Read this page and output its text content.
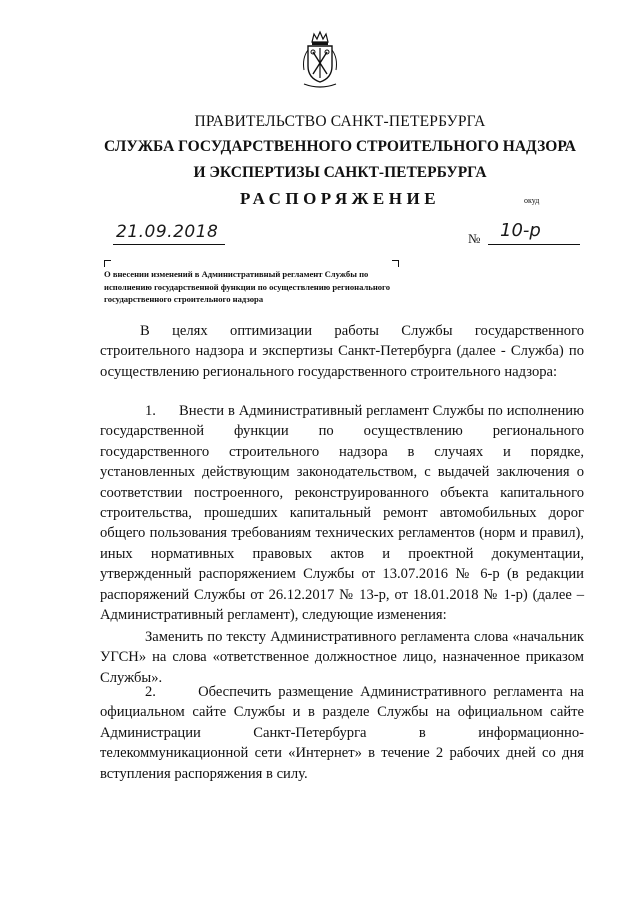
ПРАВИТЕЛЬСТВО САНКТ-ПЕТЕРБУРГА
СЛУЖБА ГОСУДАРСТВЕННОГО СТРОИТЕЛЬНОГО НАДЗОРА
И ЭКСПЕРТИЗЫ САНКТ-ПЕТЕРБУРГА
РАСПОРЯЖЕНИЕ	окуд
21.09.2018	№ 10-р
О внесении изменений в Административный регламент Службы по исполнению государственной функции по осуществлению регионального государственного строительного надзора
В целях оптимизации работы Службы государственного строительного надзора и экспертизы Санкт-Петербурга (далее - Служба) по осуществлению регионального государственного строительного надзора:
1.      Внести в Административный регламент Службы по исполнению государственной функции по осуществлению регионального государственного строительного надзора в случаях и порядке, установленных действующим законодательством, с выдачей заключения о соответствии построенного, реконструированного объекта капитального строительства, прошедших капитальный ремонт автомобильных дорог общего пользования требованиям технических регламентов (норм и правил), иных нормативных правовых актов и проектной документации, утвержденный распоряжением Службы от 13.07.2016 № 6-р (в редакции распоряжений Службы от 26.12.2017 № 13-р, от 18.01.2018 № 1-р) (далее – Административный регламент), следующие изменения:
Заменить по тексту Административного регламента слова «начальник УГСН» на слова «ответственное должностное лицо, назначенное приказом Службы».
2.      Обеспечить размещение Административного регламента на официальном сайте Службы и в разделе Службы на официальном сайте Администрации Санкт-Петербурга в информационно-телекоммуникационной сети «Интернет» в течение 2 рабочих дней со дня вступления распоряжения в силу.
